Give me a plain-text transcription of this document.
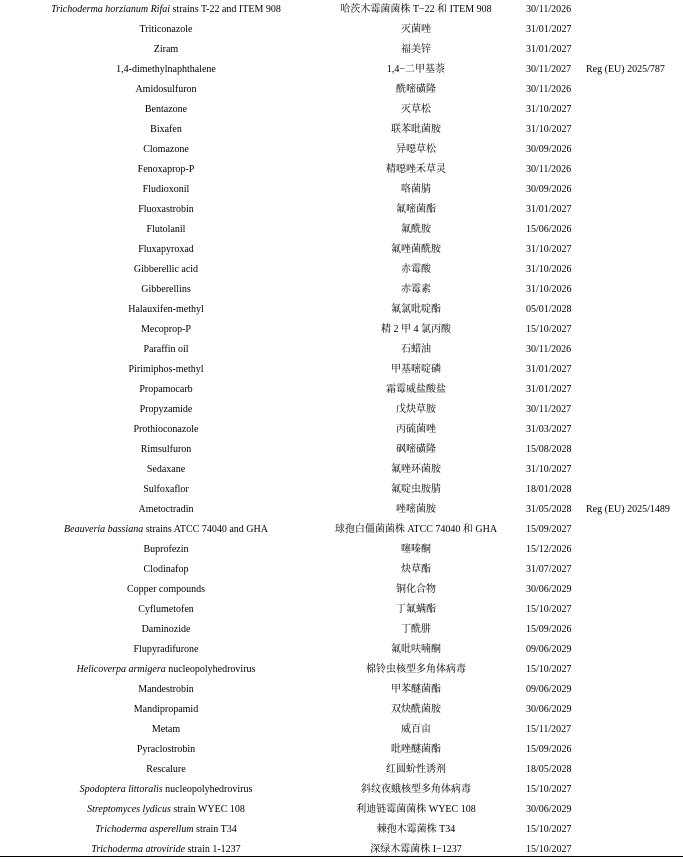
Trichoderma horzianum Rifai strains T-22 and ITEM 908	哈茨木霉菌菌株 T−22 和 ITEM 908	30/11/2026
Triticonazole	灭菌唑	31/01/2027
Ziram	福美锌	31/01/2027
1,4-dimethylnaphthalene	1,4−二甲基萘	30/11/2027 Reg (EU) 2025/787
Amidosulfuron	酰嘧磺隆	30/11/2026
Bentazone	灭草松	31/10/2027
Bixafen	联苯吡菌胺	31/10/2027
Clomazone	异噁草松	30/09/2026
Fenoxaprop-P	精噁唑禾草灵	30/11/2026
Fludioxonil	咯菌腈	30/09/2026
Fluoxastrobin	氟嘧菌酯	31/01/2027
Flutolanil	氟酰胺	15/06/2026
Fluxapyroxad	氟唑菌酰胺	31/10/2027
Gibberellic acid	赤霉酸	31/10/2026
Gibberellins	赤霉素	31/10/2026
Halauxifen-methyl	氟氯吡啶酯	05/01/2028
Mecoprop-P	精 2 甲 4 氯丙酸	15/10/2027
Paraffin oil	石蜡油	30/11/2026
Pirimiphos-methyl	甲基嘧啶磷	31/01/2027
Propamocarb	霜霉威盐酸盐	31/01/2027
Propyzamide	戊炔草胺	30/11/2027
Prothioconazole	丙硫菌唑	31/03/2027
Rimsulfuron	砜嘧磺隆	15/08/2028
Sedaxane	氟唑环菌胺	31/10/2027
Sulfoxaflor	氟啶虫胺腈	18/01/2028
Ametoctradin	唑嘧菌胺	31/05/2028 Reg (EU) 2025/1489
Beauveria bassiana strains ATCC 74040 and GHA	球孢白僵菌菌株 ATCC 74040 和 GHA	15/09/2027
Buprofezin	噻嗪酮	15/12/2026
Clodinafop	炔草酯	31/07/2027
Copper compounds	铜化合物	30/06/2029
Cyflumetofen	丁氟螨酯	15/10/2027
Daminozide	丁酰肼	15/09/2026
Flupyradifurone	氟吡呋喃酮	09/06/2029
Helicoverpa armigera nucleopolyhedrovirus	棉铃虫核型多角体病毒	15/10/2027
Mandestrobin	甲苯醚菌酯	09/06/2029
Mandipropamid	双炔酰菌胺	30/06/2029
Metam	威百亩	15/11/2027
Pyraclostrobin	吡唑醚菌酯	15/09/2026
Rescalure	红圆蚧性诱剂	18/05/2028
Spodoptera littoralis nucleopolyhedrovirus	斜纹夜蛾核型多角体病毒	15/10/2027
Streptomyces lydicus strain WYEC 108	利迪链霉菌菌株 WYEC 108	30/06/2029
Trichoderma asperellum strain T34	棘孢木霉菌株 T34	15/10/2027
Trichoderma atroviride strain 1-1237	深绿木霉菌株 I−1237	15/10/2027
